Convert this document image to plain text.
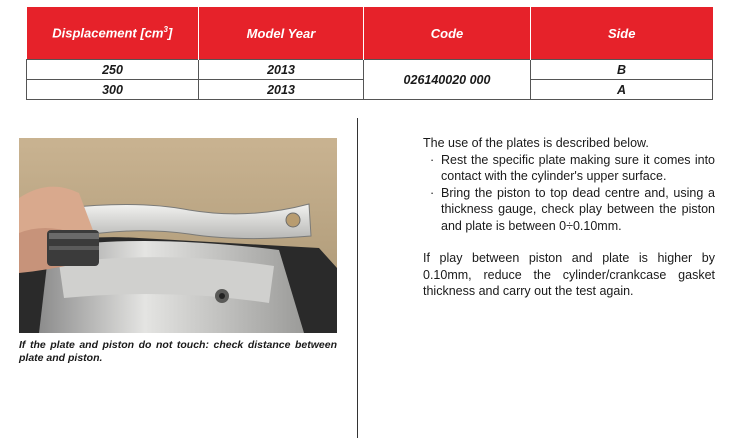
Displacement $[cm^3]$	Model Year	Code	Side
250	2013	026140020 000	B
300	2013		A
If the plate and piston do not touch: check distance between plate and piston.

The use of the plates is described below.

· Rest the specific plate making sure it comes into contact with the cylinder's upper surface.
· Bring the piston to top dead centre and, using a thickness gauge, check play between the piston and plate is between 0÷0.10mm.

If play between piston and plate is higher by 0.10mm, reduce the cylinder/crankcase gasket thickness and carry out the test again.
